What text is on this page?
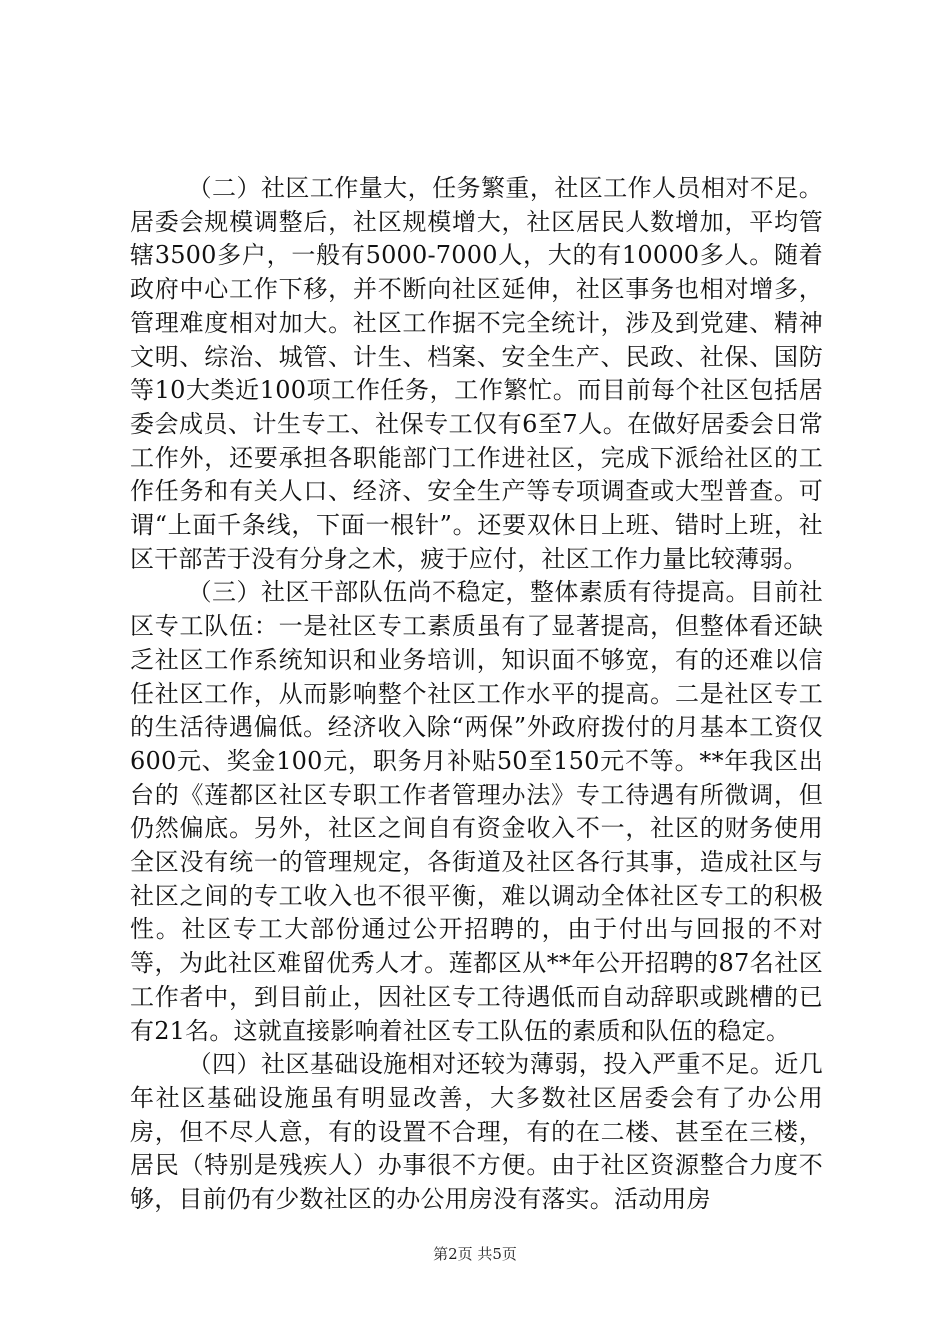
（二）社区工作量大，任务繁重，社区工作人员相对不足。居委会规模调整后，社区规模增大，社区居民人数增加，平均管辖3500多户，一般有5000-7000人，大的有10000多人。随着政府中心工作下移，并不断向社区延伸，社区事务也相对增多，管理难度相对加大。社区工作据不完全统计，涉及到党建、精神文明、综治、城管、计生、档案、安全生产、民政、社保、国防等10大类近100项工作任务，工作繁忙。而目前每个社区包括居委会成员、计生专工、社保专工仅有6至7人。在做好居委会日常工作外，还要承担各职能部门工作进社区，完成下派给社区的工作任务和有关人口、经济、安全生产等专项调查或大型普查。可谓“上面千条线，下面一根针”。还要双休日上班、错时上班，社区干部苦于没有分身之术，疲于应付，社区工作力量比较薄弱。

（三）社区干部队伍尚不稳定，整体素质有待提高。目前社区专工队伍：一是社区专工素质虽有了显著提高，但整体看还缺乏社区工作系统知识和业务培训，知识面不够宽，有的还难以信任社区工作，从而影响整个社区工作水平的提高。二是社区专工的生活待遇偏低。经济收入除“两保”外政府拨付的月基本工资仅600元、奖金100元，职务月补贴50至150元不等。**年我区出台的《莲都区社区专职工作者管理办法》专工待遇有所微调，但仍然偏底。另外，社区之间自有资金收入不一，社区的财务使用全区没有统一的管理规定，各街道及社区各行其事，造成社区与社区之间的专工收入也不很平衡，难以调动全体社区专工的积极性。社区专工大部份通过公开招聘的，由于付出与回报的不对等，为此社区难留优秀人才。莲都区从**年公开招聘的87名社区工作者中，到目前止，因社区专工待遇低而自动辞职或跳槽的已有21名。这就直接影响着社区专工队伍的素质和队伍的稳定。

（四）社区基础设施相对还较为薄弱，投入严重不足。近几年社区基础设施虽有明显改善，大多数社区居委会有了办公用房，但不尽人意，有的设置不合理，有的在二楼、甚至在三楼，居民（特别是残疾人）办事很不方便。由于社区资源整合力度不够，目前仍有少数社区的办公用房没有落实。活动用房

第2页 共5页
